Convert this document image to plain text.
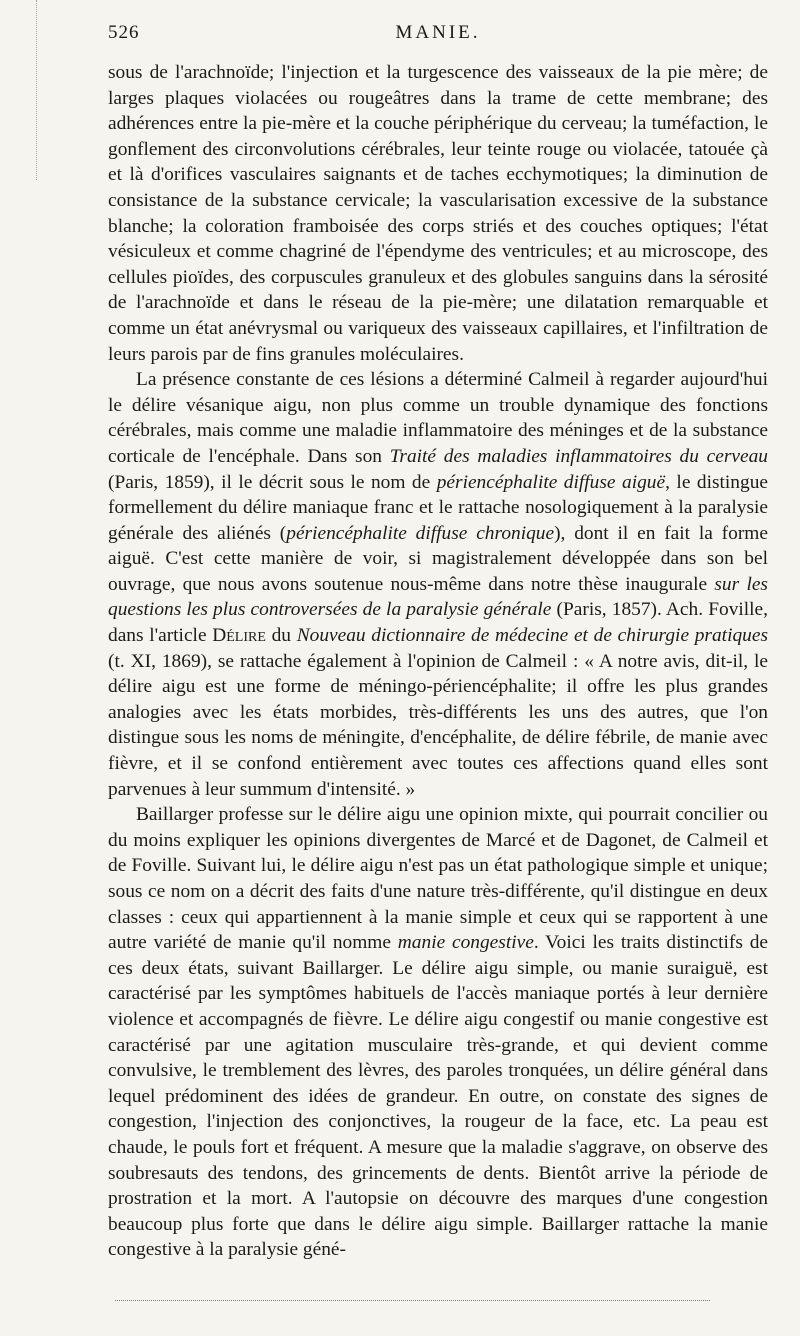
526	MANIE.

sous de l'arachnoïde; l'injection et la turgescence des vaisseaux de la pie mère; de larges plaques violacées ou rougeâtres dans la trame de cette membrane; des adhérences entre la pie-mère et la couche périphérique du cerveau; la tuméfaction, le gonflement des circonvolutions cérébrales, leur teinte rouge ou violacée, tatouée çà et là d'orifices vasculaires saignants et de taches ecchymotiques; la diminution de consistance de la substance cervicale; la vascularisation excessive de la substance blanche; la coloration framboisée des corps striés et des couches optiques; l'état vésiculeux et comme chagriné de l'épendyme des ventricules; et au microscope, des cellules pioïdes, des corpuscules granuleux et des globules sanguins dans la sérosité de l'arachnoïde et dans le réseau de la pie-mère; une dilatation remarquable et comme un état anévrysmal ou variqueux des vaisseaux capillaires, et l'infiltration de leurs parois par de fins granules moléculaires.

La présence constante de ces lésions a déterminé Calmeil à regarder aujourd'hui le délire vésanique aigu, non plus comme un trouble dynamique des fonctions cérébrales, mais comme une maladie inflammatoire des méninges et de la substance corticale de l'encéphale. Dans son Traité des maladies inflammatoires du cerveau (Paris, 1859), il le décrit sous le nom de périencéphalite diffuse aiguë, le distingue formellement du délire maniaque franc et le rattache nosologiquement à la paralysie générale des aliénés (périencéphalite diffuse chronique), dont il en fait la forme aiguë. C'est cette manière de voir, si magistralement développée dans son bel ouvrage, que nous avons soutenue nous-même dans notre thèse inaugurale sur les questions les plus controversées de la paralysie générale (Paris, 1857). Ach. Foville, dans l'article Délire du Nouveau dictionnaire de médecine et de chirurgie pratiques (t. XI, 1869), se rattache également à l'opinion de Calmeil : « A notre avis, dit-il, le délire aigu est une forme de méningo-périencéphalite; il offre les plus grandes analogies avec les états morbides, très-différents les uns des autres, que l'on distingue sous les noms de méningite, d'encéphalite, de délire fébrile, de manie avec fièvre, et il se confond entièrement avec toutes ces affections quand elles sont parvenues à leur summum d'intensité. »

Baillarger professe sur le délire aigu une opinion mixte, qui pourrait concilier ou du moins expliquer les opinions divergentes de Marcé et de Dagonet, de Calmeil et de Foville. Suivant lui, le délire aigu n'est pas un état pathologique simple et unique; sous ce nom on a décrit des faits d'une nature très-différente, qu'il distingue en deux classes : ceux qui appartiennent à la manie simple et ceux qui se rapportent à une autre variété de manie qu'il nomme manie congestive. Voici les traits distinctifs de ces deux états, suivant Baillarger. Le délire aigu simple, ou manie suraiguë, est caractérisé par les symptômes habituels de l'accès maniaque portés à leur dernière violence et accompagnés de fièvre. Le délire aigu congestif ou manie congestive est caractérisé par une agitation musculaire très-grande, et qui devient comme convulsive, le tremblement des lèvres, des paroles tronquées, un délire général dans lequel prédominent des idées de grandeur. En outre, on constate des signes de congestion, l'injection des conjonctives, la rougeur de la face, etc. La peau est chaude, le pouls fort et fréquent. A mesure que la maladie s'aggrave, on observe des soubresauts des tendons, des grincements de dents. Bientôt arrive la période de prostration et la mort. A l'autopsie on découvre des marques d'une congestion beaucoup plus forte que dans le délire aigu simple. Baillarger rattache la manie congestive à la paralysie géné-
